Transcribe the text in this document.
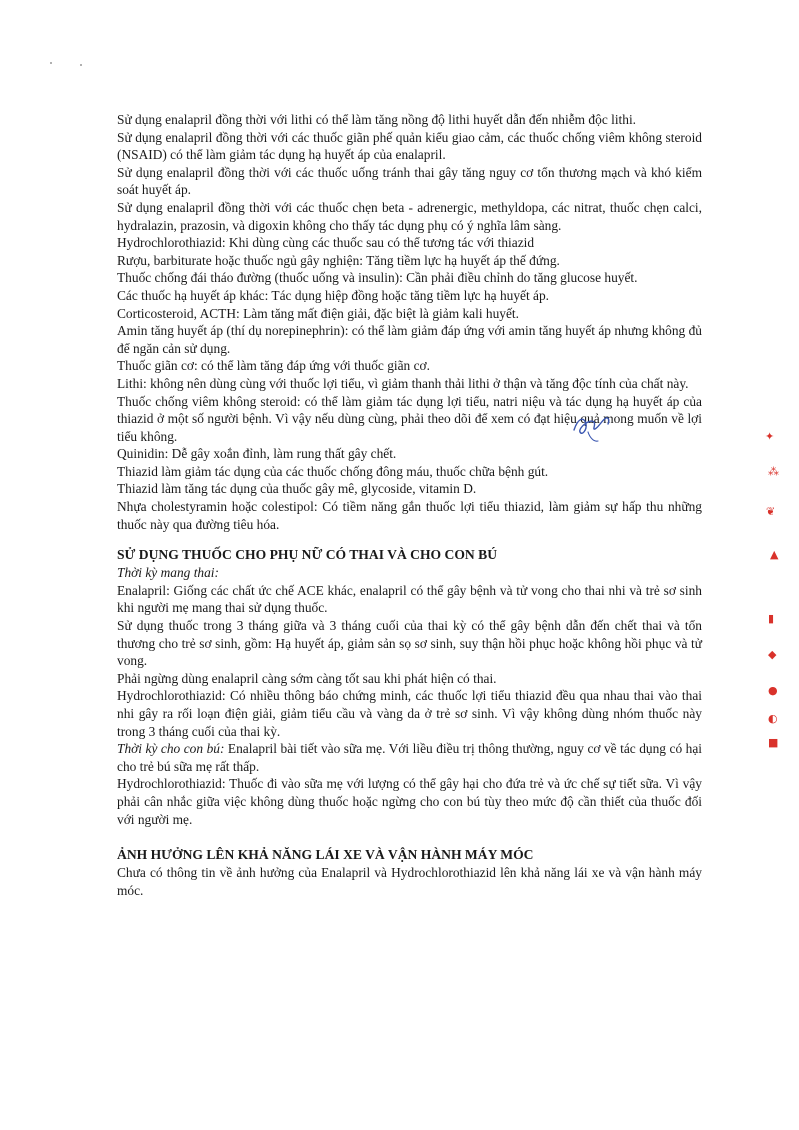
Sử dụng enalapril đồng thời với lithi có thể làm tăng nồng độ lithi huyết dẫn đến nhiễm độc lithi.

Sử dụng enalapril đồng thời với các thuốc giãn phế quản kiểu giao cảm, các thuốc chống viêm không steroid (NSAID) có thể làm giảm tác dụng hạ huyết áp của enalapril.

Sử dụng enalapril đồng thời với các thuốc uống tránh thai gây tăng nguy cơ tổn thương mạch và khó kiểm soát huyết áp.

Sử dụng enalapril đồng thời với các thuốc chẹn beta - adrenergic, methyldopa, các nitrat, thuốc chẹn calci, hydralazin, prazosin, và digoxin không cho thấy tác dụng phụ có ý nghĩa lâm sàng.

Hydrochlorothiazid: Khi dùng cùng các thuốc sau có thể tương tác với thiazid

Rượu, barbiturate hoặc thuốc ngủ gây nghiện: Tăng tiềm lực hạ huyết áp thế đứng.

Thuốc chống đái tháo đường (thuốc uống và insulin): Cần phải điều chỉnh do tăng glucose huyết.

Các thuốc hạ huyết áp khác: Tác dụng hiệp đồng hoặc tăng tiềm lực hạ huyết áp.

Corticosteroid, ACTH: Làm tăng mất điện giải, đặc biệt là giảm kali huyết.

Amin tăng huyết áp (thí dụ norepinephrin): có thể làm giảm đáp ứng với amin tăng huyết áp nhưng không đủ để ngăn cản sử dụng.

Thuốc giãn cơ: có thể làm tăng đáp ứng với thuốc giãn cơ.

Lithi: không nên dùng cùng với thuốc lợi tiểu, vì giảm thanh thải lithi ở thận và tăng độc tính của chất này.

Thuốc chống viêm không steroid: có thể làm giảm tác dụng lợi tiểu, natri niệu và tác dụng hạ huyết áp của thiazid ở một số người bệnh. Vì vậy nếu dùng cùng, phải theo dõi để xem có đạt hiệu quả mong muốn về lợi tiểu không.

Quinidin: Dễ gây xoắn đỉnh, làm rung thất gây chết.

Thiazid làm giảm tác dụng của các thuốc chống đông máu, thuốc chữa bệnh gút.

Thiazid làm tăng tác dụng của thuốc gây mê, glycoside, vitamin D.

Nhựa cholestyramin hoặc colestipol: Có tiềm năng gắn thuốc lợi tiểu thiazid, làm giảm sự hấp thu những thuốc này qua đường tiêu hóa.

SỬ DỤNG THUỐC CHO PHỤ NỮ CÓ THAI VÀ CHO CON BÚ

Thời kỳ mang thai:

Enalapril: Giống các chất ức chế ACE khác, enalapril có thể gây bệnh và tử vong cho thai nhi và trẻ sơ sinh khi người mẹ mang thai sử dụng thuốc.

Sử dụng thuốc trong 3 tháng giữa và 3 tháng cuối của thai kỳ có thể gây bệnh dẫn đến chết thai và tổn thương cho trẻ sơ sinh, gồm: Hạ huyết áp, giảm sản sọ sơ sinh, suy thận hồi phục hoặc không hồi phục và tử vong.

Phải ngừng dùng enalapril càng sớm càng tốt sau khi phát hiện có thai.

Hydrochlorothiazid: Có nhiều thông báo chứng minh, các thuốc lợi tiểu thiazid đều qua nhau thai vào thai nhi gây ra rối loạn điện giải, giảm tiểu cầu và vàng da ở trẻ sơ sinh. Vì vậy không dùng nhóm thuốc này trong 3 tháng cuối của thai kỳ.

Thời kỳ cho con bú: Enalapril bài tiết vào sữa mẹ. Với liều điều trị thông thường, nguy cơ về tác dụng có hại cho trẻ bú sữa mẹ rất thấp.

Hydrochlorothiazid: Thuốc đi vào sữa mẹ với lượng có thể gây hại cho đứa trẻ và ức chế sự tiết sữa. Vì vậy phải cân nhắc giữa việc không dùng thuốc hoặc ngừng cho con bú tùy theo mức độ cần thiết của thuốc đối với người mẹ.

ẢNH HƯỞNG LÊN KHẢ NĂNG LÁI XE VÀ VẬN HÀNH MÁY MÓC

Chưa có thông tin về ảnh hưởng của Enalapril và Hydrochlorothiazid lên khả năng lái xe và vận hành máy móc.

✦
⁂
❦
▲
▮
◆
●
◐
■
